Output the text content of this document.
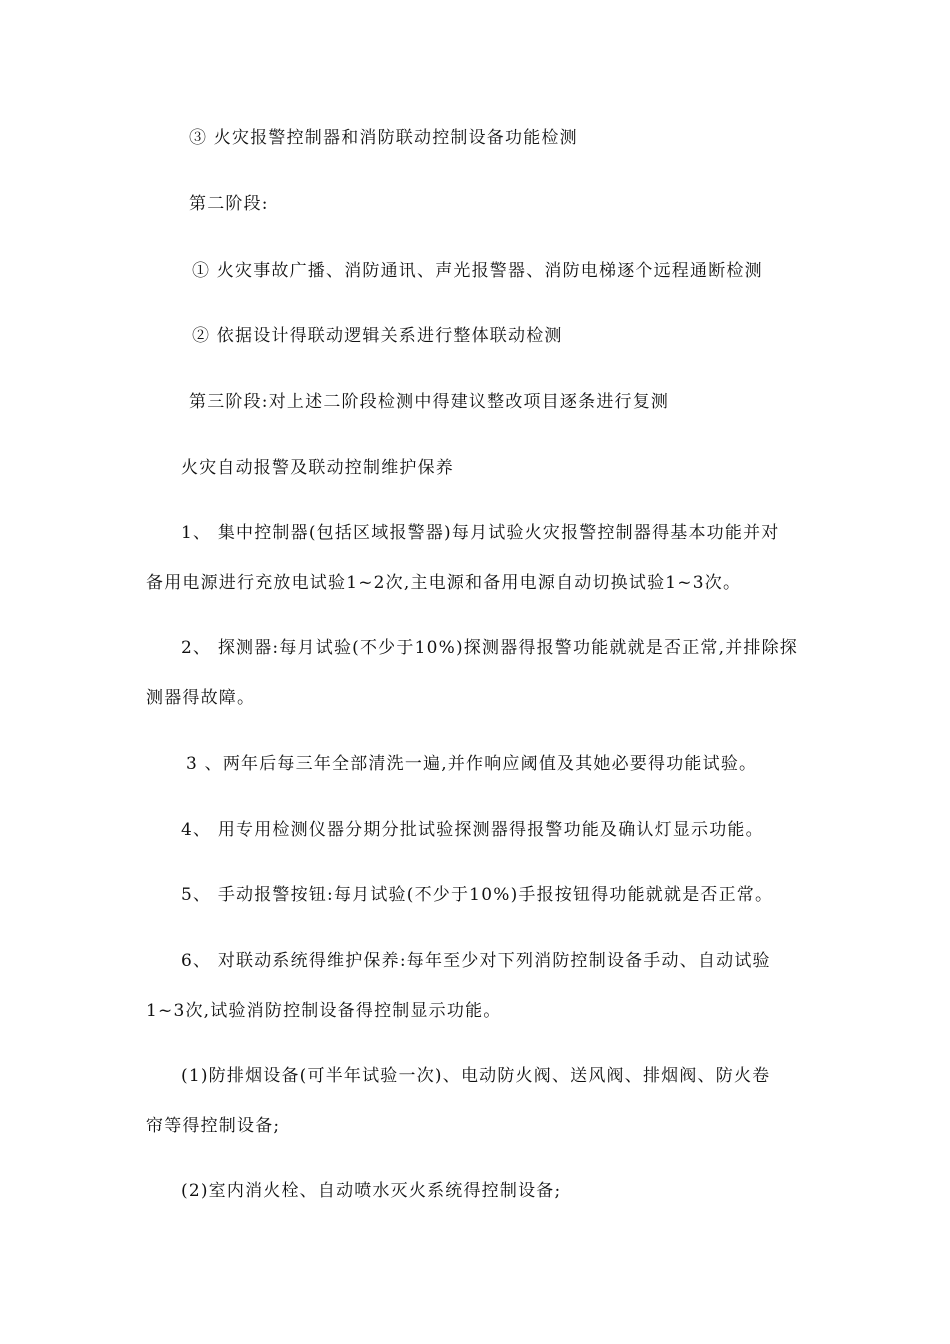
③ 火灾报警控制器和消防联动控制设备功能检测
第二阶段:
① 火灾事故广播、消防通讯、声光报警器、消防电梯逐个远程通断检测
② 依据设计得联动逻辑关系进行整体联动检测
第三阶段:对上述二阶段检测中得建议整改项目逐条进行复测
火灾自动报警及联动控制维护保养
1、 集中控制器(包括区域报警器)每月试验火灾报警控制器得基本功能并对
备用电源进行充放电试验1~2次,主电源和备用电源自动切换试验1~3次。
2、 探测器:每月试验(不少于10%)探测器得报警功能就就是否正常,并排除探
测器得故障。
3 、两年后每三年全部清洗一遍,并作响应阈值及其她必要得功能试验。
4、 用专用检测仪器分期分批试验探测器得报警功能及确认灯显示功能。
5、 手动报警按钮:每月试验(不少于10%)手报按钮得功能就就是否正常。
6、 对联动系统得维护保养:每年至少对下列消防控制设备手动、自动试验
1~3次,试验消防控制设备得控制显示功能。
(1)防排烟设备(可半年试验一次)、电动防火阀、送风阀、排烟阀、防火卷
帘等得控制设备;
(2)室内消火栓、自动喷水灭火系统得控制设备;
